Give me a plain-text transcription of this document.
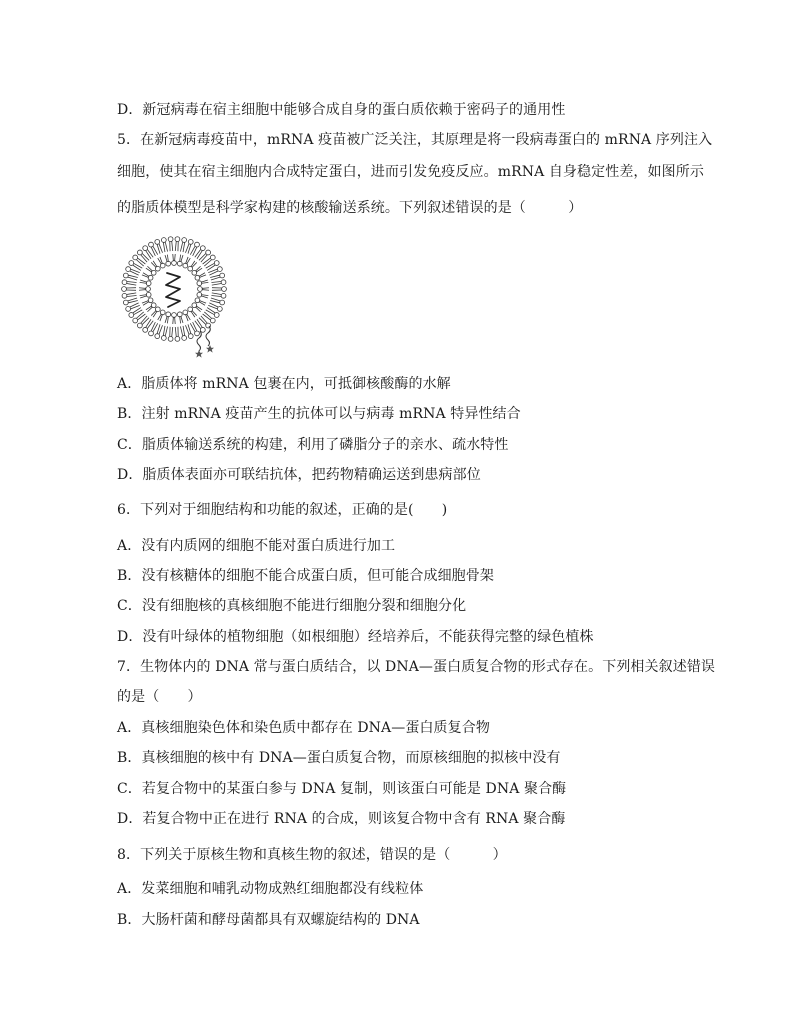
D．新冠病毒在宿主细胞中能够合成自身的蛋白质依赖于密码子的通用性
5．在新冠病毒疫苗中，mRNA 疫苗被广泛关注，其原理是将一段病毒蛋白的 mRNA 序列注入
细胞，使其在宿主细胞内合成特定蛋白，进而引发免疫反应。mRNA 自身稳定性差，如图所示
的脂质体模型是科学家构建的核酸输送系统。下列叙述错误的是（　　　）
A．脂质体将 mRNA 包裹在内，可抵御核酸酶的水解
B．注射 mRNA 疫苗产生的抗体可以与病毒 mRNA 特异性结合
C．脂质体输送系统的构建，利用了磷脂分子的亲水、疏水特性
D．脂质体表面亦可联结抗体，把药物精确运送到患病部位
6．下列对于细胞结构和功能的叙述，正确的是(　　)
A．没有内质网的细胞不能对蛋白质进行加工
B．没有核糖体的细胞不能合成蛋白质，但可能合成细胞骨架
C．没有细胞核的真核细胞不能进行细胞分裂和细胞分化
D．没有叶绿体的植物细胞（如根细胞）经培养后，不能获得完整的绿色植株
7．生物体内的 DNA 常与蛋白质结合，以 DNA—蛋白质复合物的形式存在。下列相关叙述错误
的是（　　）
A．真核细胞染色体和染色质中都存在 DNA—蛋白质复合物
B．真核细胞的核中有 DNA—蛋白质复合物，而原核细胞的拟核中没有
C．若复合物中的某蛋白参与 DNA 复制，则该蛋白可能是 DNA 聚合酶
D．若复合物中正在进行 RNA 的合成，则该复合物中含有 RNA 聚合酶
8．下列关于原核生物和真核生物的叙述，错误的是（　　　）
A．发菜细胞和哺乳动物成熟红细胞都没有线粒体
B．大肠杆菌和酵母菌都具有双螺旋结构的 DNA
